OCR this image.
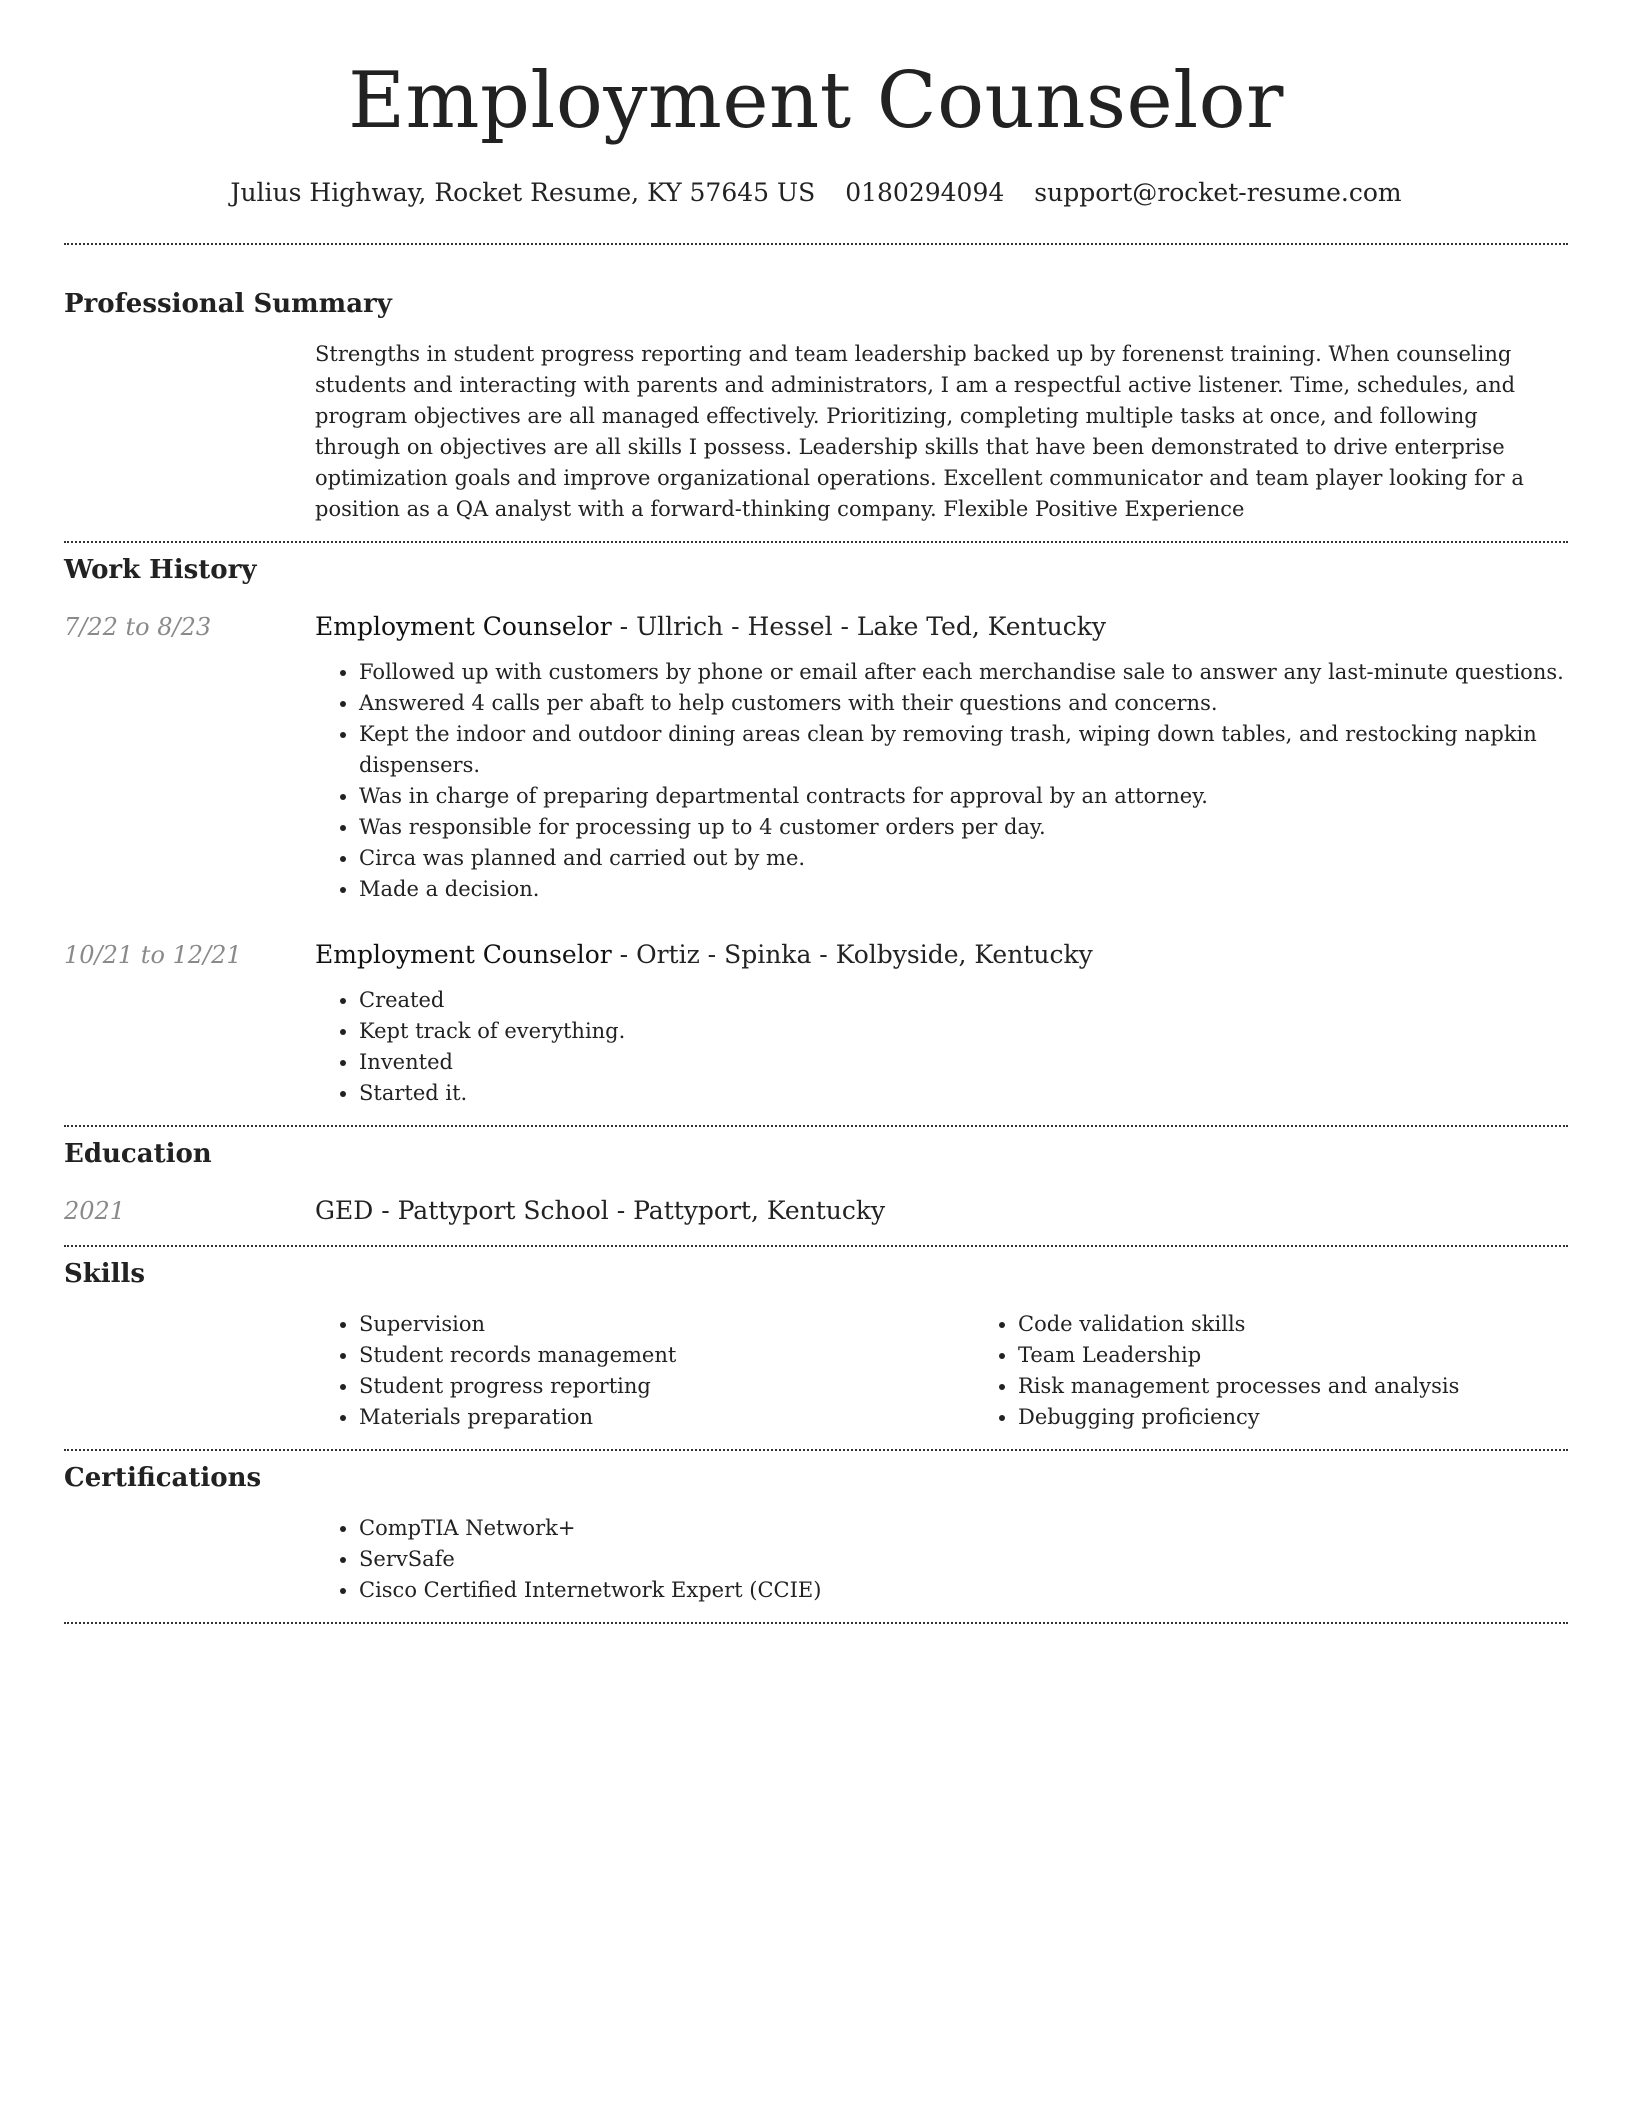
Employment Counselor
Julius Highway, Rocket Resume, KY 57645 US 0180294094 support@rocket-resume.com
Professional Summary

Strengths in student progress reporting and team leadership backed up by forenenst training. When counseling students and interacting with parents and administrators, I am a respectful active listener. Time, schedules, and program objectives are all managed effectively. Prioritizing, completing multiple tasks at once, and following through on objectives are all skills I possess. Leadership skills that have been demonstrated to drive enterprise optimization goals and improve organizational operations. Excellent communicator and team player looking for a position as a QA analyst with a forward-thinking company. Flexible Positive Experience

Work History
7/22 to 8/23	Employment Counselor - Ullrich - Hessel - Lake Ted, Kentucky
• Followed up with customers by phone or email after each merchandise sale to answer any last-minute questions.
• Answered 4 calls per abaft to help customers with their questions and concerns.
• Kept the indoor and outdoor dining areas clean by removing trash, wiping down tables, and restocking napkin dispensers.
• Was in charge of preparing departmental contracts for approval by an attorney.
• Was responsible for processing up to 4 customer orders per day.
• Circa was planned and carried out by me.
• Made a decision.
10/21 to 12/21	Employment Counselor - Ortiz - Spinka - Kolbyside, Kentucky
• Created
• Kept track of everything.
• Invented
• Started it.
Education
2021	GED - Pattyport School - Pattyport, Kentucky
Skills
• Supervision
• Student records management
• Student progress reporting
• Materials preparation
• Code validation skills
• Team Leadership
• Risk management processes and analysis
• Debugging proficiency
Certifications
• CompTIA Network+
• ServSafe
• Cisco Certified Internetwork Expert (CCIE)
